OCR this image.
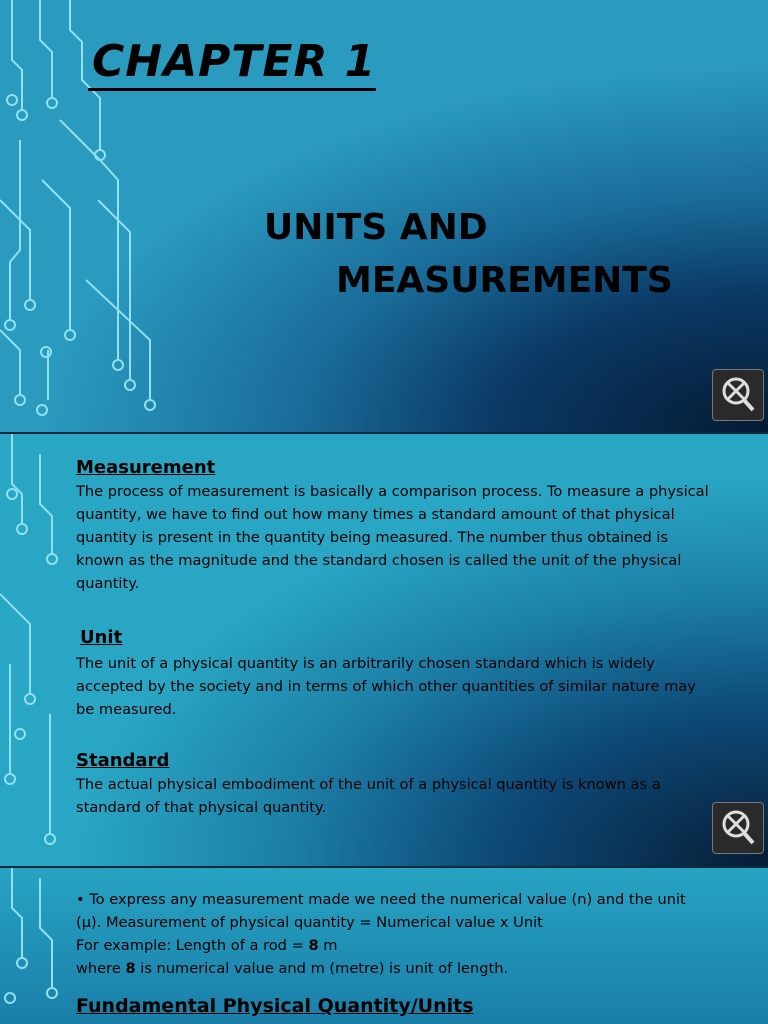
CHAPTER 1
UNITS AND
MEASUREMENTS
Measurement

The process of measurement is basically a comparison process. To measure a physical quantity, we have to find out how many times a standard amount of that physical quantity is present in the quantity being measured. The number thus obtained is known as the magnitude and the standard chosen is called the unit of the physical quantity.

Unit

The unit of a physical quantity is an arbitrarily chosen standard which is widely accepted by the society and in terms of which other quantities of similar nature may be measured.

Standard

The actual physical embodiment of the unit of a physical quantity is known as a standard of that physical quantity.

• To express any measurement made we need the numerical value (n) and the unit (μ). Measurement of physical quantity = Numerical value x Unit

For example: Length of a rod = 8 m

where 8 is numerical value and m (metre) is unit of length.

Fundamental Physical Quantity/Units
